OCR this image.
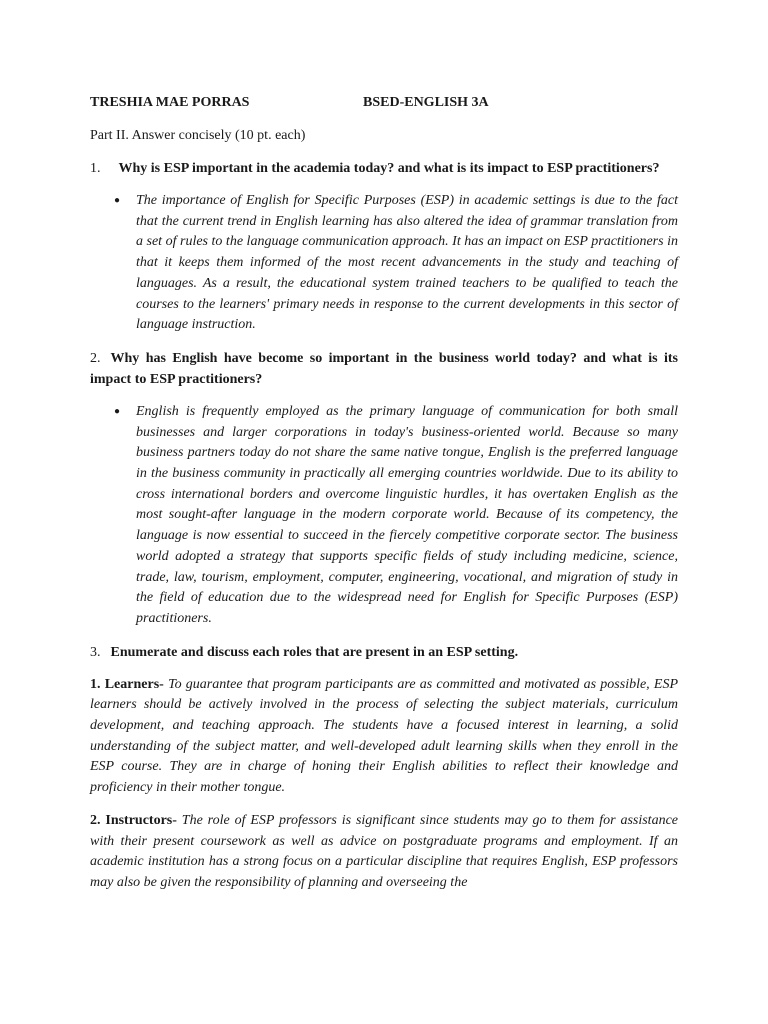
TRESHIA MAE PORRAS	BSED-ENGLISH 3A
Part II. Answer concisely (10 pt. each)
1. Why is ESP important in the academia today? and what is its impact to ESP practitioners?
● The importance of English for Specific Purposes (ESP) in academic settings is due to the fact that the current trend in English learning has also altered the idea of grammar translation from a set of rules to the language communication approach. It has an impact on ESP practitioners in that it keeps them informed of the most recent advancements in the study and teaching of languages. As a result, the educational system trained teachers to be qualified to teach the courses to the learners' primary needs in response to the current developments in this sector of language instruction.
2. Why has English have become so important in the business world today? and what is its impact to ESP practitioners?
● English is frequently employed as the primary language of communication for both small businesses and larger corporations in today's business-oriented world. Because so many business partners today do not share the same native tongue, English is the preferred language in the business community in practically all emerging countries worldwide. Due to its ability to cross international borders and overcome linguistic hurdles, it has overtaken English as the most sought-after language in the modern corporate world. Because of its competency, the language is now essential to succeed in the fiercely competitive corporate sector. The business world adopted a strategy that supports specific fields of study including medicine, science, trade, law, tourism, employment, computer, engineering, vocational, and migration of study in the field of education due to the widespread need for English for Specific Purposes (ESP) practitioners.
3. Enumerate and discuss each roles that are present in an ESP setting.
1. Learners- To guarantee that program participants are as committed and motivated as possible, ESP learners should be actively involved in the process of selecting the subject materials, curriculum development, and teaching approach. The students have a focused interest in learning, a solid understanding of the subject matter, and well-developed adult learning skills when they enroll in the ESP course. They are in charge of honing their English abilities to reflect their knowledge and proficiency in their mother tongue.
2. Instructors- The role of ESP professors is significant since students may go to them for assistance with their present coursework as well as advice on postgraduate programs and employment. If an academic institution has a strong focus on a particular discipline that requires English, ESP professors may also be given the responsibility of planning and overseeing the
